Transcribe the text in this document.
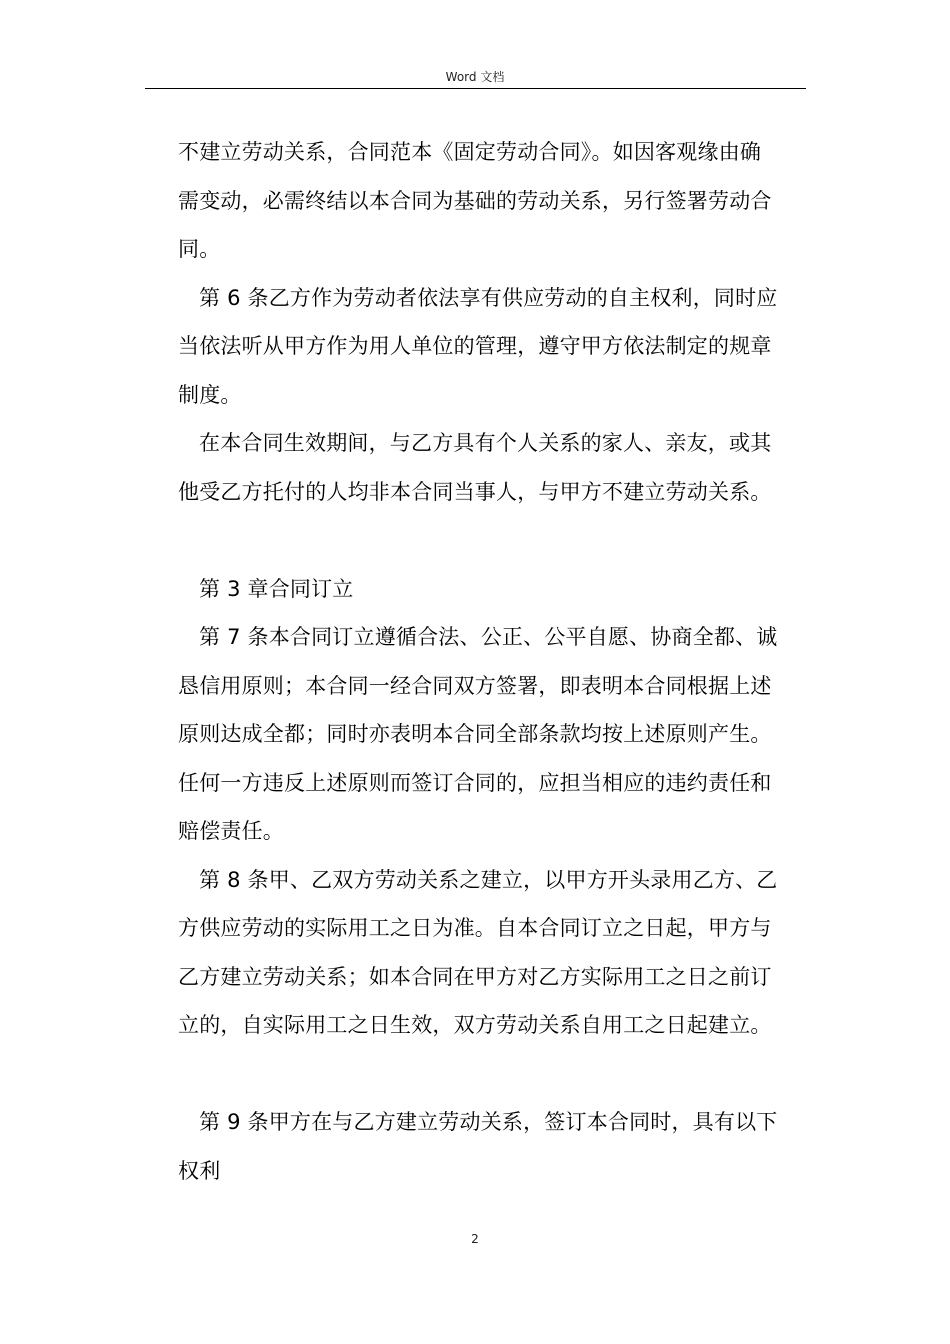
Word 文档

不建立劳动关系，合同范本《固定劳动合同》。如因客观缘由确

需变动，必需终结以本合同为基础的劳动关系，另行签署劳动合

同。

第 6 条乙方作为劳动者依法享有供应劳动的自主权利，同时应

当依法听从甲方作为用人单位的管理，遵守甲方依法制定的规章

制度。

在本合同生效期间，与乙方具有个人关系的家人、亲友，或其

他受乙方托付的人均非本合同当事人，与甲方不建立劳动关系。

第 3 章合同订立

第 7 条本合同订立遵循合法、公正、公平自愿、协商全都、诚

恳信用原则；本合同一经合同双方签署，即表明本合同根据上述

原则达成全都；同时亦表明本合同全部条款均按上述原则产生。

任何一方违反上述原则而签订合同的，应担当相应的违约责任和

赔偿责任。

第 8 条甲、乙双方劳动关系之建立，以甲方开头录用乙方、乙

方供应劳动的实际用工之日为准。自本合同订立之日起，甲方与

乙方建立劳动关系；如本合同在甲方对乙方实际用工之日之前订

立的，自实际用工之日生效，双方劳动关系自用工之日起建立。

第 9 条甲方在与乙方建立劳动关系，签订本合同时，具有以下

权利

2
